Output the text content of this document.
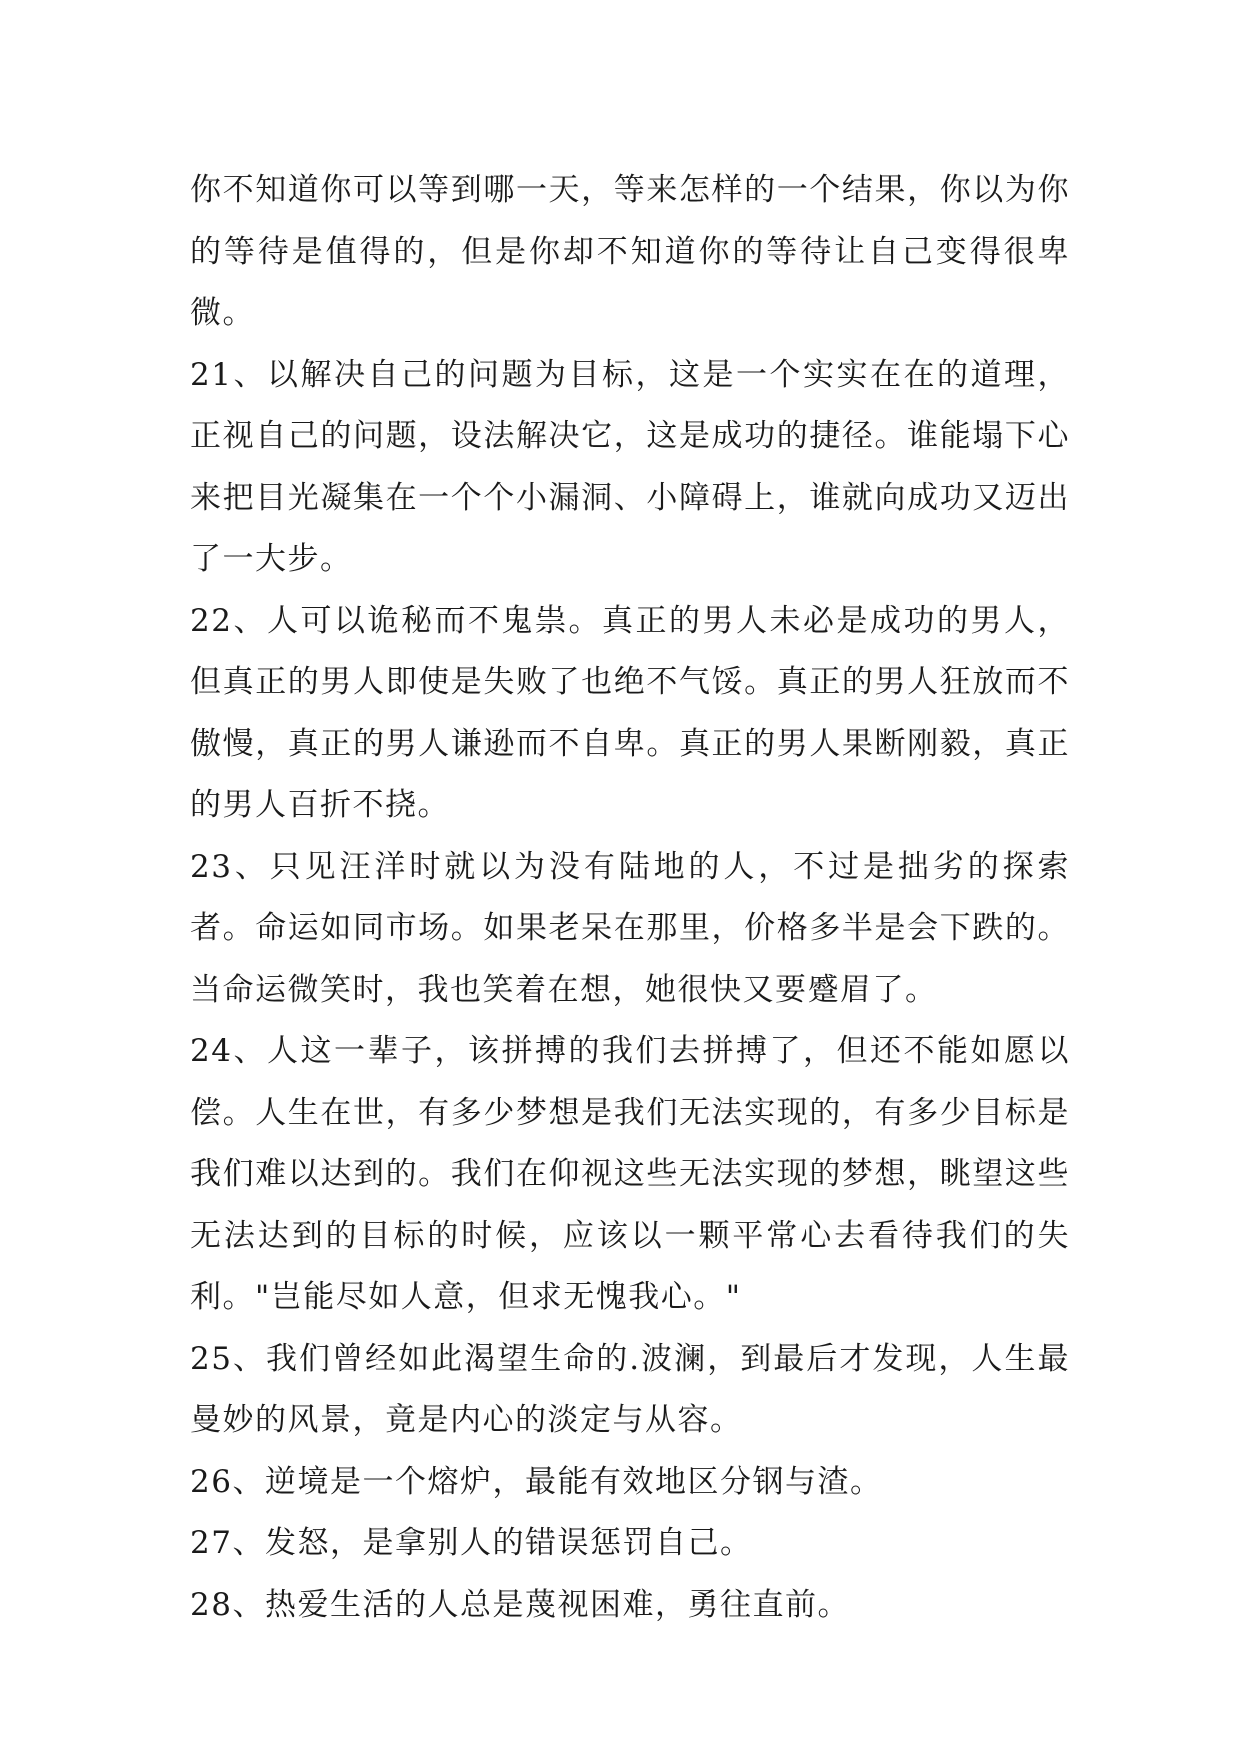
你不知道你可以等到哪一天，等来怎样的一个结果，你以为你的等待是值得的，但是你却不知道你的等待让自己变得很卑微。

21、以解决自己的问题为目标，这是一个实实在在的道理，正视自己的问题，设法解决它，这是成功的捷径。谁能塌下心来把目光凝集在一个个小漏洞、小障碍上，谁就向成功又迈出了一大步。

22、人可以诡秘而不鬼祟。真正的男人未必是成功的男人，但真正的男人即使是失败了也绝不气馁。真正的男人狂放而不傲慢，真正的男人谦逊而不自卑。真正的男人果断刚毅，真正的男人百折不挠。

23、只见汪洋时就以为没有陆地的人，不过是拙劣的探索者。命运如同市场。如果老呆在那里，价格多半是会下跌的。当命运微笑时，我也笑着在想，她很快又要蹙眉了。

24、人这一辈子，该拼搏的我们去拼搏了，但还不能如愿以偿。人生在世，有多少梦想是我们无法实现的，有多少目标是我们难以达到的。我们在仰视这些无法实现的梦想，眺望这些无法达到的目标的时候，应该以一颗平常心去看待我们的失利。"岂能尽如人意，但求无愧我心。"

25、我们曾经如此渴望生命的.波澜，到最后才发现，人生最曼妙的风景，竟是内心的淡定与从容。

26、逆境是一个熔炉，最能有效地区分钢与渣。

27、发怒，是拿别人的错误惩罚自己。

28、热爱生活的人总是蔑视困难，勇往直前。
